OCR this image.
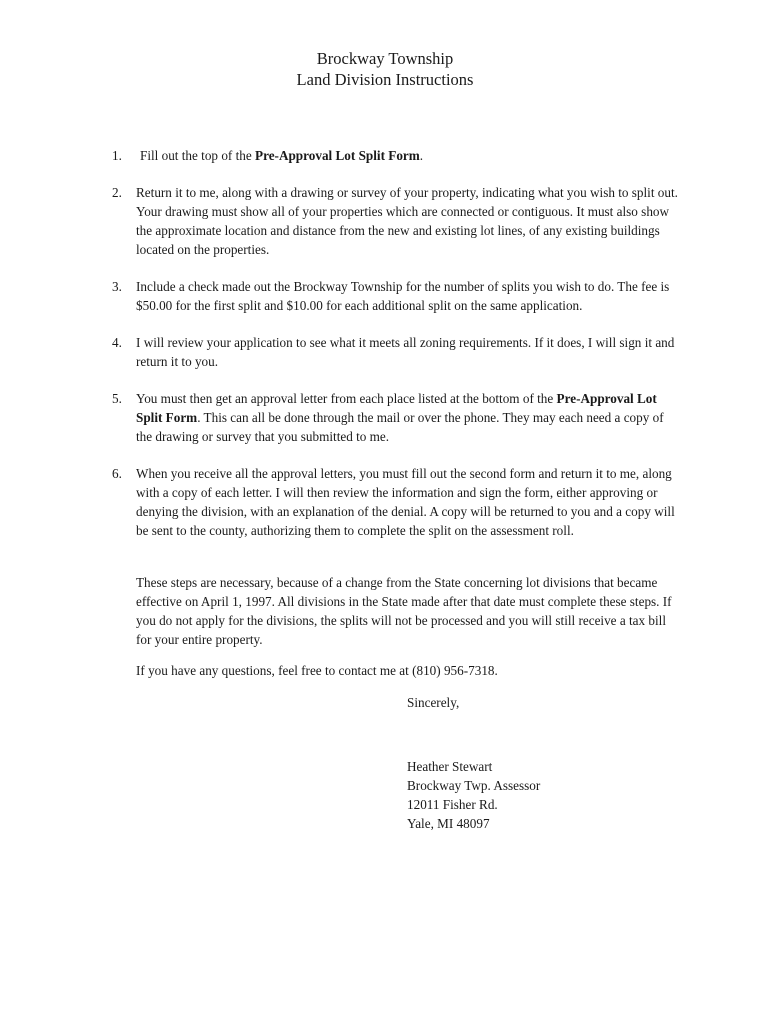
Brockway Township
Land Division Instructions
1. Fill out the top of the Pre-Approval Lot Split Form.
2. Return it to me, along with a drawing or survey of your property, indicating what you wish to split out. Your drawing must show all of your properties which are connected or contiguous. It must also show the approximate location and distance from the new and existing lot lines, of any existing buildings located on the properties.
3. Include a check made out the Brockway Township for the number of splits you wish to do. The fee is $50.00 for the first split and $10.00 for each additional split on the same application.
4. I will review your application to see what it meets all zoning requirements. If it does, I will sign it and return it to you.
5. You must then get an approval letter from each place listed at the bottom of the Pre-Approval Lot Split Form. This can all be done through the mail or over the phone. They may each need a copy of the drawing or survey that you submitted to me.
6. When you receive all the approval letters, you must fill out the second form and return it to me, along with a copy of each letter. I will then review the information and sign the form, either approving or denying the division, with an explanation of the denial. A copy will be returned to you and a copy will be sent to the county, authorizing them to complete the split on the assessment roll.

These steps are necessary, because of a change from the State concerning lot divisions that became effective on April 1, 1997. All divisions in the State made after that date must complete these steps. If you do not apply for the divisions, the splits will not be processed and you will still receive a tax bill for your entire property.

If you have any questions, feel free to contact me at (810) 956-7318.

Sincerely,
Heather Stewart
Brockway Twp. Assessor
12011 Fisher Rd.
Yale, MI 48097
